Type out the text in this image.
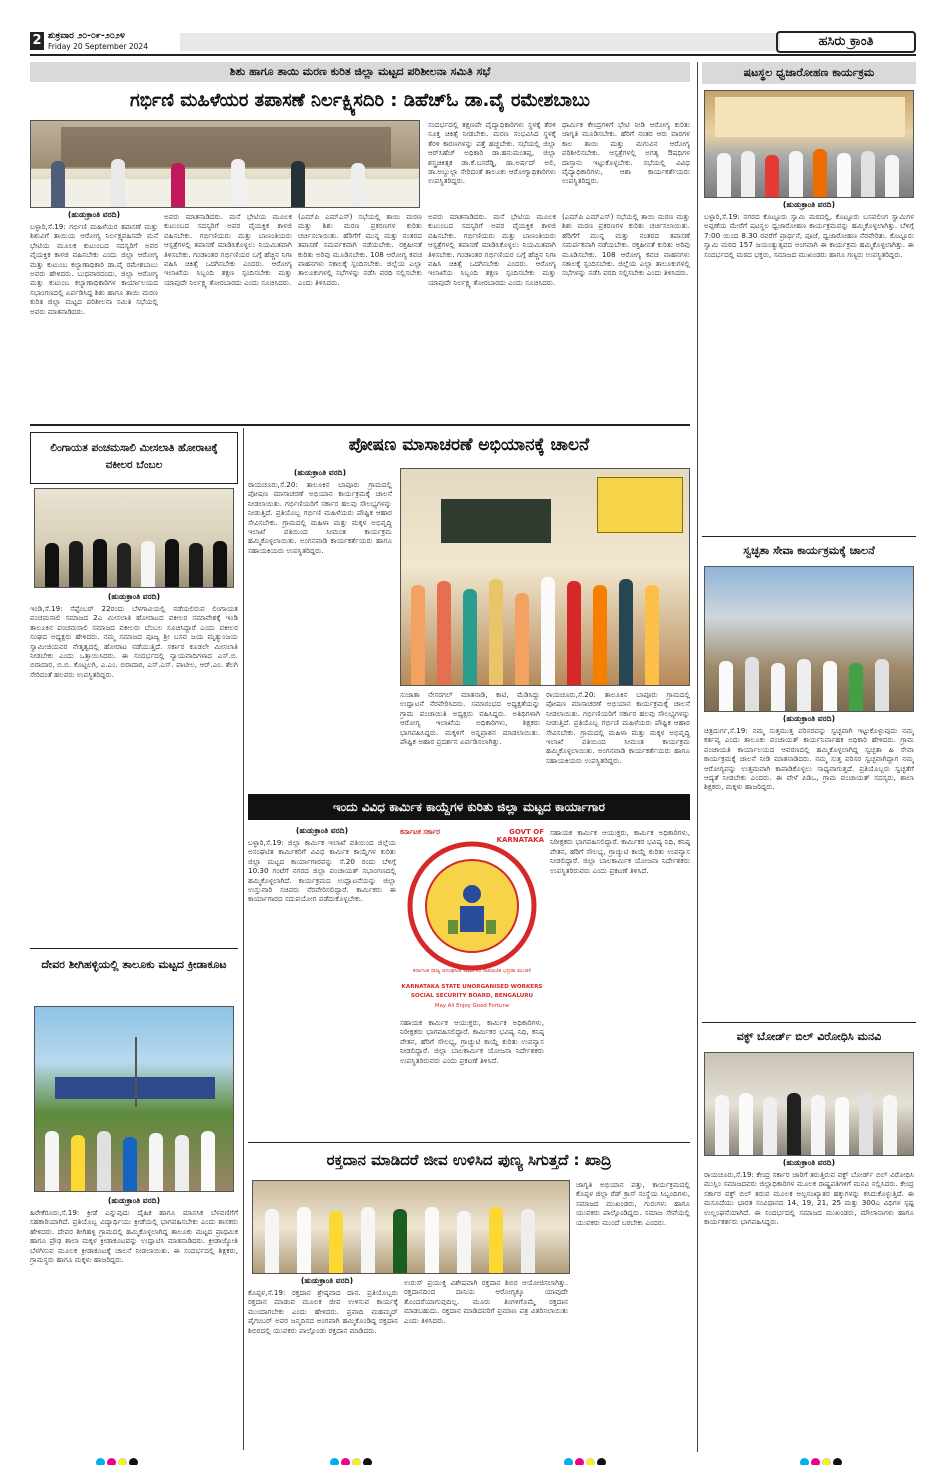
2 ಶುಕ್ರವಾರ ೨೦-೦೯-೨೦೨೪
Friday 20 September 2024	ಹಸಿರು ಕ್ರಾಂತಿ
ಶಿಶು ಹಾಗೂ ತಾಯಿ ಮರಣ ಕುರಿತ ಜಿಲ್ಲಾ ಮಟ್ಟದ ಪರಿಶೀಲನಾ ಸಮಿತಿ ಸಭೆ
ಗರ್ಭಿಣಿ ಮಹಿಳೆಯರ ತಪಾಸಣೆ ನಿರ್ಲಕ್ಷ್ಯಿಸದಿರಿ : ಡಿಹೆಚ್‌ಓ ಡಾ.ವೈ ರಮೇಶಬಾಬು
ಸಂದರ್ಭದಲ್ಲಿ ತಕ್ಷಣವೇ ವೈದ್ಯಾಧಿಕಾರಿಗಳು ಸ್ಥಳಕ್ಕೆ ತೆರಳಿ ಸೂಕ್ತ ಚಿಕಿತ್ಸೆ ನೀಡಬೇಕು. ಮರಣ ಸಂಭವಿಸಿದ ಸ್ಥಳಕ್ಕೆ ತೆರಳಿ ಕಾರಣಗಳನ್ನು ಪತ್ತೆ ಹಚ್ಚಬೇಕು. ಸಭೆಯಲ್ಲಿ ಜಿಲ್ಲಾ ಆರ್‌ಸಿಹೆಚ್ ಅಧಿಕಾರಿ ಡಾ.ಹನುಮಂತಪ್ಪ, ಜಿಲ್ಲಾ ಶಸ್ತ್ರಚಿಕಿತ್ಸಕ ಡಾ.ಕೆ.ಬಸರೆಡ್ಡಿ, ಡಾ.ಅರ್ಷದ್ ಅಲಿ, ಡಾ.ಅಬ್ದುಲ್ಲಾ ಸೇರಿದಂತೆ ತಾಲೂಕು ಆರೋಗ್ಯಾಧಿಕಾರಿಗಳು ಉಪಸ್ಥಿತರಿದ್ದರು.
ಧಾರ್ಮಿಕ ಕೇಂದ್ರಗಳಿಗೆ ಭೇಟಿ ನೀಡಿ ಆರೋಗ್ಯ ಕುರಿತು ಜಾಗೃತಿ ಮೂಡಿಸಬೇಕು. ಹೆರಿಗೆ ನಂತರ ಆರು ವಾರಗಳ ಕಾಲ ತಾಯಿ ಮತ್ತು ಮಗುವಿನ ಆರೋಗ್ಯ ಪರಿಶೀಲಿಸಬೇಕು. ಆಸ್ಪತ್ರೆಗಳಲ್ಲಿ ಅಗತ್ಯ ಔಷಧಿಗಳ ದಾಸ್ತಾನು ಇಟ್ಟುಕೊಳ್ಳಬೇಕು. ಸಭೆಯಲ್ಲಿ ವಿವಿಧ ವೈದ್ಯಾಧಿಕಾರಿಗಳು, ಆಶಾ ಕಾರ್ಯಕರ್ತೆಯರು ಉಪಸ್ಥಿತರಿದ್ದರು.
(ಹುಡುಕ್ರಾಂತಿ ವರದಿ)
ಬಳ್ಳಾರಿ,ಸೆ.19: ಗರ್ಭಿಣಿ ಮಹಿಳೆಯರ ತಪಾಸಣೆ ಮತ್ತು ಶಿಶುವಿಗೆ ತಾಯಿಯ ಆರೋಗ್ಯ ನಿರ್ಲಕ್ಷ್ಯವಹಿಸದೇ ಮನೆ ಭೇಟಿಯ ಮೂಲಕ ಕುಟುಂಬದ ಸದಸ್ಯರಿಗೆ ಅವರ ವೈಯಕ್ತಿಕ ಕಾಳಜಿ ವಹಿಸಬೇಕು ಎಂದು ಜಿಲ್ಲಾ ಆರೋಗ್ಯ ಮತ್ತು ಕುಟುಂಬ ಕಲ್ಯಾಣಾಧಿಕಾರಿ ಡಾ.ವೈ ರಮೇಶಬಾಬು ಅವರು ಹೇಳಿದರು. ಬುಧವಾರದಂದು, ಜಿಲ್ಲಾ ಆರೋಗ್ಯ ಮತ್ತು ಕುಟುಂಬ ಕಲ್ಯಾಣಾಧಿಕಾರಿಗಳ ಕಾರ್ಯಾಲಯದ ಸಭಾಂಗಣದಲ್ಲಿ ಏರ್ಪಡಿಸಿದ್ದ ಶಿಶು ಹಾಗೂ ತಾಯಿ ಮರಣ ಕುರಿತ ಜಿಲ್ಲಾ ಮಟ್ಟದ ಪರಿಶೀಲನಾ ಸಮಿತಿ ಸಭೆಯಲ್ಲಿ ಅವರು ಮಾತನಾಡಿದರು.
ಅವರು ಮಾತನಾಡಿದರು. ಮನೆ ಭೇಟಿಯ ಮೂಲಕ ಕುಟುಂಬದ ಸದಸ್ಯರಿಗೆ ಅವರ ವೈಯಕ್ತಿಕ ಕಾಳಜಿ ವಹಿಸಬೇಕು. ಗರ್ಭಿಣಿಯರು ಮತ್ತು ಬಾಣಂತಿಯರು ಆಸ್ಪತ್ರೆಗಳಲ್ಲಿ ತಪಾಸಣೆ ಮಾಡಿಸಿಕೊಳ್ಳಲು ನಿಯಮಿತವಾಗಿ ತಿಳಿಸಬೇಕು. ಗಂಡಾಂತರ ಗರ್ಭಿಣಿಯರ ಬಗ್ಗೆ ಹೆಚ್ಚಿನ ನಿಗಾ ವಹಿಸಿ ಚಿಕಿತ್ಸೆ ಒದಗಿಸಬೇಕು ಎಂದರು. ಆರೋಗ್ಯ ಇಲಾಖೆಯ ಸಿಬ್ಬಂದಿ ತಕ್ಷಣ ಸ್ಪಂದಿಸಬೇಕು ಮತ್ತು ಯಾವುದೇ ನಿರ್ಲಕ್ಷ್ಯ ತೋರಬಾರದು ಎಂದು ಸೂಚಿಸಿದರು.
(ಎಮ್‌ಪಿ ಎಮ್‌ಎಸ್) ಸಭೆಯಲ್ಲಿ ತಾಯಿ ಮರಣ ಮತ್ತು ಶಿಶು ಮರಣ ಪ್ರಕರಣಗಳ ಕುರಿತು ಚರ್ಚಿಸಲಾಯಿತು. ಹೆರಿಗೆಗೆ ಮುನ್ನ ಮತ್ತು ನಂತರದ ತಪಾಸಣೆ ಸಮರ್ಪಕವಾಗಿ ನಡೆಯಬೇಕು. ರಕ್ತಹೀನತೆ ಕುರಿತು ಅರಿವು ಮೂಡಿಸಬೇಕು. 108 ಆರೋಗ್ಯ ಕವಚ ವಾಹನಗಳು ಸಕಾಲಕ್ಕೆ ಸ್ಪಂದಿಸಬೇಕು. ಜಿಲ್ಲೆಯ ಎಲ್ಲಾ ತಾಲೂಕುಗಳಲ್ಲಿ ಸಭೆಗಳನ್ನು ನಡೆಸಿ ವರದಿ ಸಲ್ಲಿಸಬೇಕು ಎಂದು ತಿಳಿಸಿದರು.
ಅವರು ಮಾತನಾಡಿದರು. ಮನೆ ಭೇಟಿಯ ಮೂಲಕ ಕುಟುಂಬದ ಸದಸ್ಯರಿಗೆ ಅವರ ವೈಯಕ್ತಿಕ ಕಾಳಜಿ ವಹಿಸಬೇಕು. ಗರ್ಭಿಣಿಯರು ಮತ್ತು ಬಾಣಂತಿಯರು ಆಸ್ಪತ್ರೆಗಳಲ್ಲಿ ತಪಾಸಣೆ ಮಾಡಿಸಿಕೊಳ್ಳಲು ನಿಯಮಿತವಾಗಿ ತಿಳಿಸಬೇಕು. ಗಂಡಾಂತರ ಗರ್ಭಿಣಿಯರ ಬಗ್ಗೆ ಹೆಚ್ಚಿನ ನಿಗಾ ವಹಿಸಿ ಚಿಕಿತ್ಸೆ ಒದಗಿಸಬೇಕು ಎಂದರು. ಆರೋಗ್ಯ ಇಲಾಖೆಯ ಸಿಬ್ಬಂದಿ ತಕ್ಷಣ ಸ್ಪಂದಿಸಬೇಕು ಮತ್ತು ಯಾವುದೇ ನಿರ್ಲಕ್ಷ್ಯ ತೋರಬಾರದು ಎಂದು ಸೂಚಿಸಿದರು.
(ಎಮ್‌ಪಿ ಎಮ್‌ಎಸ್) ಸಭೆಯಲ್ಲಿ ತಾಯಿ ಮರಣ ಮತ್ತು ಶಿಶು ಮರಣ ಪ್ರಕರಣಗಳ ಕುರಿತು ಚರ್ಚಿಸಲಾಯಿತು. ಹೆರಿಗೆಗೆ ಮುನ್ನ ಮತ್ತು ನಂತರದ ತಪಾಸಣೆ ಸಮರ್ಪಕವಾಗಿ ನಡೆಯಬೇಕು. ರಕ್ತಹೀನತೆ ಕುರಿತು ಅರಿವು ಮೂಡಿಸಬೇಕು. 108 ಆರೋಗ್ಯ ಕವಚ ವಾಹನಗಳು ಸಕಾಲಕ್ಕೆ ಸ್ಪಂದಿಸಬೇಕು. ಜಿಲ್ಲೆಯ ಎಲ್ಲಾ ತಾಲೂಕುಗಳಲ್ಲಿ ಸಭೆಗಳನ್ನು ನಡೆಸಿ ವರದಿ ಸಲ್ಲಿಸಬೇಕು ಎಂದು ತಿಳಿಸಿದರು.
ಷಟಸ್ಥಲ ಧ್ವಜಾರೋಹಣ ಕಾರ್ಯಕ್ರಮ
(ಹುಡುಕ್ರಾಂತಿ ವರದಿ)
ಬಳ್ಳಾರಿ,ಸೆ.19: ನಗರದ ಕೊಟ್ಟೂರು ಸ್ವಾಮಿ ಮಠದಲ್ಲಿ, ಕೊಟ್ಟೂರು ಬಸವಲಿಂಗ ಸ್ವಾಮಿಗಳ ಅಪ್ಪಣೆಯ ಮೇರೆಗೆ ಷಟಸ್ಥಲ ಧ್ವಜಾರೋಹಣ ಕಾರ್ಯಕ್ರಮವನ್ನು ಹಮ್ಮಿಕೊಳ್ಳಲಾಗಿತ್ತು. ಬೆಳಿಗ್ಗೆ 7:00 ಯಿಂದ 8.30 ರವರೆಗೆ ಪ್ರಾರ್ಥನೆ, ಪೂಜೆ, ಧ್ವಜಾರೋಹಣ ನೆರವೇರಿತು. ಕೊಟ್ಟೂರು ಸ್ವಾಮಿ ಮಠದ 157 ಜಯಂತ್ಯುತ್ಸವದ ಅಂಗವಾಗಿ ಈ ಕಾರ್ಯಕ್ರಮ ಹಮ್ಮಿಕೊಳ್ಳಲಾಗಿತ್ತು. ಈ ಸಂದರ್ಭದಲ್ಲಿ ಮಠದ ಭಕ್ತರು, ಸಮಾಜದ ಮುಖಂಡರು ಹಾಗೂ ಗಣ್ಯರು ಉಪಸ್ಥಿತರಿದ್ದರು.
ಸ್ವಚ್ಛತಾ ಸೇವಾ ಕಾರ್ಯಕ್ರಮಕ್ಕೆ ಚಾಲನೆ
(ಹುಡುಕ್ರಾಂತಿ ವರದಿ)
ಚಿತ್ರದುರ್ಗ,ಸೆ.19: ನಮ್ಮ ಸುತ್ತಮುತ್ತ ಪರಿಸರವನ್ನು ಸ್ವಚ್ಛವಾಗಿ ಇಟ್ಟುಕೊಳ್ಳುವುದು ನಮ್ಮ ಕರ್ತವ್ಯ ಎಂದು ತಾಲೂಕು ಪಂಚಾಯತ್ ಕಾರ್ಯನಿರ್ವಾಹಕ ಅಧಿಕಾರಿ ಹೇಳಿದರು. ಗ್ರಾಮ ಪಂಚಾಯತಿ ಕಾರ್ಯಾಲಯದ ಆವರಣದಲ್ಲಿ ಹಮ್ಮಿಕೊಳ್ಳಲಾಗಿದ್ದ ಸ್ವಚ್ಛತಾ ಹಿ ಸೇವಾ ಕಾರ್ಯಕ್ರಮಕ್ಕೆ ಚಾಲನೆ ನೀಡಿ ಮಾತನಾಡಿದರು. ನಮ್ಮ ಸುತ್ತ ಪರಿಸರ ಸ್ವಚ್ಛವಾಗಿದ್ದಾಗ ನಮ್ಮ ಆರೋಗ್ಯವನ್ನು ಉತ್ತಮವಾಗಿ ಕಾಪಾಡಿಕೊಳ್ಳಲು ಸಾಧ್ಯವಾಗುತ್ತದೆ. ಪ್ರತಿಯೊಬ್ಬರು ಸ್ವಚ್ಛತೆಗೆ ಆದ್ಯತೆ ನೀಡಬೇಕು ಎಂದರು. ಈ ವೇಳೆ ಪಿಡಿಒ, ಗ್ರಾಮ ಪಂಚಾಯತ್ ಸದಸ್ಯರು, ಶಾಲಾ ಶಿಕ್ಷಕರು, ಮಕ್ಕಳು ಹಾಜರಿದ್ದರು.
ವಕ್ಫ್ ಬೋರ್ಡ್ ಬಿಲ್ ವಿರೋಧಿಸಿ ಮನವಿ
(ಹುಡುಕ್ರಾಂತಿ ವರದಿ)
ರಾಯಚೂರು,ಸೆ.19: ಕೇಂದ್ರ ಸರ್ಕಾರ ಜಾರಿಗೆ ತರುತ್ತಿರುವ ವಕ್ಫ್ ಬೋರ್ಡ್ ಬಿಲ್ ವಿರೋಧಿಸಿ ಮುಸ್ಲಿಂ ಸಮಾಜದವರು ಜಿಲ್ಲಾಧಿಕಾರಿಗಳ ಮೂಲಕ ರಾಷ್ಟ್ರಪತಿಗಳಿಗೆ ಮನವಿ ಸಲ್ಲಿಸಿದರು. ಕೇಂದ್ರ ಸರ್ಕಾರ ವಕ್ಫ್ ಬಿಲ್ ತರುವ ಮೂಲಕ ಅಲ್ಪಸಂಖ್ಯಾತರ ಹಕ್ಕುಗಳನ್ನು ಕಸಿದುಕೊಳ್ಳುತ್ತಿದೆ. ಈ ಮಸೂದೆಯು ಭಾರತ ಸಂವಿಧಾನದ 14, 19, 21, 25 ಮತ್ತು 300ಎ ವಿಧಿಗಳ ಸ್ಪಷ್ಟ ಉಲ್ಲಂಘನೆಯಾಗಿದೆ. ಈ ಸಂದರ್ಭದಲ್ಲಿ ಸಮಾಜದ ಮುಖಂಡರು, ಮೌಲಾನಾಗಳು ಹಾಗೂ ಕಾರ್ಯಕರ್ತರು ಭಾಗವಹಿಸಿದ್ದರು.
ಲಿಂಗಾಯತ ಪಂಚಮಸಾಲಿ ಮೀಸಲಾತಿ ಹೋರಾಟಕ್ಕೆ ವಕೀಲರ ಬೆಂಬಲ
(ಹುಡುಕ್ರಾಂತಿ ವರದಿ)
ಇಂಡಿ,ಸೆ.19: ಸೆಪ್ಟೆಂಬರ್ 22ರಂದು ಬೆಳಗಾವಿಯಲ್ಲಿ ನಡೆಯಲಿರುವ ಲಿಂಗಾಯತ ಪಂಚಮಸಾಲಿ ಸಮಾಜದ 2ಎ ಮೀಸಲಾತಿ ಹೋರಾಟದ ವಕೀಲರ ಸಮಾವೇಶಕ್ಕೆ ಇಂಡಿ ತಾಲೂಕಿನ ಪಂಚಮಸಾಲಿ ಸಮಾಜದ ವಕೀಲರು ಬೆಂಬಲ ಸೂಚಿಸಿದ್ದಾರೆ ಎಂದು ವಕೀಲರ ಸಂಘದ ಅಧ್ಯಕ್ಷರು ಹೇಳಿದರು. ನಮ್ಮ ಸಮಾಜದ ಪೂಜ್ಯ ಶ್ರೀ ಬಸವ ಜಯ ಮೃತ್ಯುಂಜಯ ಸ್ವಾಮೀಜಿಯವರ ನೇತೃತ್ವದಲ್ಲಿ ಹೋರಾಟ ನಡೆಯುತ್ತಿದೆ. ಸರ್ಕಾರ ಕೂಡಲೇ ಮೀಸಲಾತಿ ನೀಡಬೇಕು ಎಂದು ಒತ್ತಾಯಿಸಿದರು. ಈ ಸಂದರ್ಭದಲ್ಲಿ ನ್ಯಾಯವಾದಿಗಳಾದ ಎಸ್.ಬಿ. ಬಿರಾದಾರ, ಬಿ.ಬಿ. ಕೊಟ್ಟಲಗಿ, ಎ.ಎಂ. ಬಿರಾದಾರ, ಎಸ್.ಎಸ್. ಪಾಟೀಲ, ಆರ್.ಎಂ. ತೆಲಗಿ ಸೇರಿದಂತೆ ಹಲವರು ಉಪಸ್ಥಿತರಿದ್ದರು.
ದೇವರ ಶೀಗಿಹಳ್ಳಿಯಲ್ಲಿ ತಾಲೂಕು ಮಟ್ಟದ ಕ್ರೀಡಾಕೂಟ
(ಹುಡುಕ್ರಾಂತಿ ವರದಿ)
ಹಿರೇಕೆರೂರು,ಸೆ.19: ಕ್ರೀಡೆ ಎನ್ನುವುದು ದೈಹಿಕ ಹಾಗೂ ಮಾನಸಿಕ ಬೆಳವಣಿಗೆಗೆ ಸಹಕಾರಿಯಾಗಿದೆ. ಪ್ರತಿಯೊಬ್ಬ ವಿದ್ಯಾರ್ಥಿಯು ಕ್ರೀಡೆಯಲ್ಲಿ ಭಾಗವಹಿಸಬೇಕು ಎಂದು ಶಾಸಕರು ಹೇಳಿದರು. ದೇವರ ಶೀಗಿಹಳ್ಳಿ ಗ್ರಾಮದಲ್ಲಿ ಹಮ್ಮಿಕೊಳ್ಳಲಾಗಿದ್ದ ತಾಲೂಕು ಮಟ್ಟದ ಪ್ರಾಥಮಿಕ ಹಾಗೂ ಪ್ರೌಢ ಶಾಲಾ ಮಕ್ಕಳ ಕ್ರೀಡಾಕೂಟವನ್ನು ಉದ್ಘಾಟಿಸಿ ಮಾತನಾಡಿದರು. ಕ್ರೀಡಾಜ್ಯೋತಿ ಬೆಳಗಿಸುವ ಮೂಲಕ ಕ್ರೀಡಾಕೂಟಕ್ಕೆ ಚಾಲನೆ ನೀಡಲಾಯಿತು. ಈ ಸಂದರ್ಭದಲ್ಲಿ ಶಿಕ್ಷಕರು, ಗ್ರಾಮಸ್ಥರು ಹಾಗೂ ಮಕ್ಕಳು ಹಾಜರಿದ್ದರು.
ಪೋಷಣ ಮಾಸಾಚರಣೆ ಅಭಿಯಾನಕ್ಕೆ ಚಾಲನೆ
(ಹುಡುಕ್ರಾಂತಿ ವರದಿ)
ರಾಯಚೂರು,ಸೆ.20: ತಾಲೂಕಿನ ಬಾಪೂರು ಗ್ರಾಮದಲ್ಲಿ ಪೋಷಣ ಮಾಸಾಚರಣೆ ಅಭಿಯಾನ ಕಾರ್ಯಕ್ರಮಕ್ಕೆ ಚಾಲನೆ ನೀಡಲಾಯಿತು. ಗರ್ಭಿಣಿಯರಿಗೆ ಸರ್ಕಾರ ಹಲವು ಸೌಲಭ್ಯಗಳನ್ನು ನೀಡುತ್ತಿದೆ. ಪ್ರತಿಯೊಬ್ಬ ಗರ್ಭಿಣಿ ಮಹಿಳೆಯರು ಪೌಷ್ಟಿಕ ಆಹಾರ ಸೇವಿಸಬೇಕು. ಗ್ರಾಮದಲ್ಲಿ ಮಹಿಳಾ ಮತ್ತು ಮಕ್ಕಳ ಅಭಿವೃದ್ಧಿ ಇಲಾಖೆ ವತಿಯಿಂದ ಸೀಮಂತ ಕಾರ್ಯಕ್ರಮ ಹಮ್ಮಿಕೊಳ್ಳಲಾಯಿತು. ಅಂಗನವಾಡಿ ಕಾರ್ಯಕರ್ತೆಯರು ಹಾಗೂ ಸಹಾಯಕಿಯರು ಉಪಸ್ಥಿತರಿದ್ದರು.
ಸುಜಾತಾ ನೇಸರಗಲ್ ಮಾತನಾಡಿ, ಕಾಟಿ, ಮೆಡಿಸಿದ್ದು ಉದ್ಘಾಟನೆ ನೆರವೇರಿಸಿದರು. ಸಮಾರಂಭದ ಅಧ್ಯಕ್ಷತೆಯನ್ನು ಗ್ರಾಮ ಪಂಚಾಯಿತಿ ಅಧ್ಯಕ್ಷರು ವಹಿಸಿದ್ದರು. ಅತಿಥಿಗಳಾಗಿ ಆರೋಗ್ಯ ಇಲಾಖೆಯ ಅಧಿಕಾರಿಗಳು, ಶಿಕ್ಷಕರು ಭಾಗವಹಿಸಿದ್ದರು. ಮಕ್ಕಳಿಗೆ ಅನ್ನಪ್ರಾಶನ ಮಾಡಲಾಯಿತು. ಪೌಷ್ಟಿಕ ಆಹಾರ ಪ್ರದರ್ಶನ ಏರ್ಪಡಿಸಲಾಗಿತ್ತು.
ರಾಯಚೂರು,ಸೆ.20: ತಾಲೂಕಿನ ಬಾಪೂರು ಗ್ರಾಮದಲ್ಲಿ ಪೋಷಣ ಮಾಸಾಚರಣೆ ಅಭಿಯಾನ ಕಾರ್ಯಕ್ರಮಕ್ಕೆ ಚಾಲನೆ ನೀಡಲಾಯಿತು. ಗರ್ಭಿಣಿಯರಿಗೆ ಸರ್ಕಾರ ಹಲವು ಸೌಲಭ್ಯಗಳನ್ನು ನೀಡುತ್ತಿದೆ. ಪ್ರತಿಯೊಬ್ಬ ಗರ್ಭಿಣಿ ಮಹಿಳೆಯರು ಪೌಷ್ಟಿಕ ಆಹಾರ ಸೇವಿಸಬೇಕು. ಗ್ರಾಮದಲ್ಲಿ ಮಹಿಳಾ ಮತ್ತು ಮಕ್ಕಳ ಅಭಿವೃದ್ಧಿ ಇಲಾಖೆ ವತಿಯಿಂದ ಸೀಮಂತ ಕಾರ್ಯಕ್ರಮ ಹಮ್ಮಿಕೊಳ್ಳಲಾಯಿತು. ಅಂಗನವಾಡಿ ಕಾರ್ಯಕರ್ತೆಯರು ಹಾಗೂ ಸಹಾಯಕಿಯರು ಉಪಸ್ಥಿತರಿದ್ದರು.
ಇಂದು ವಿವಿಧ ಕಾರ್ಮಿಕ ಕಾಯ್ದೆಗಳ ಕುರಿತು ಜಿಲ್ಲಾ ಮಟ್ಟದ ಕಾರ್ಯಾಗಾರ
(ಹುಡುಕ್ರಾಂತಿ ವರದಿ)
ಬಳ್ಳಾರಿ,ಸೆ.19: ಜಿಲ್ಲಾ ಕಾರ್ಮಿಕ ಇಲಾಖೆ ವತಿಯಿಂದ ಜಿಲ್ಲೆಯ ಅಸಂಘಟಿತ ಕಾರ್ಮಿಕರಿಗೆ ವಿವಿಧ ಕಾರ್ಮಿಕ ಕಾಯ್ದೆಗಳ ಕುರಿತು ಜಿಲ್ಲಾ ಮಟ್ಟದ ಕಾರ್ಯಾಗಾರವನ್ನು ಸೆ.20 ರಂದು ಬೆಳಿಗ್ಗೆ 10.30 ಗಂಟೆಗೆ ನಗರದ ಜಿಲ್ಲಾ ಪಂಚಾಯತ್ ಸಭಾಂಗಣದಲ್ಲಿ ಹಮ್ಮಿಕೊಳ್ಳಲಾಗಿದೆ. ಕಾರ್ಯಕ್ರಮದ ಉದ್ಘಾಟನೆಯನ್ನು ಜಿಲ್ಲಾ ಉಸ್ತುವಾರಿ ಸಚಿವರು ನೆರವೇರಿಸಲಿದ್ದಾರೆ. ಕಾರ್ಮಿಕರು ಈ ಕಾರ್ಯಾಗಾರದ ಸದುಪಯೋಗ ಪಡೆದುಕೊಳ್ಳಬೇಕು.
ಕರ್ನಾಟಕ ಸರ್ಕಾರ	GOVT OF KARNATAKA
ಕರ್ನಾಟಕ ರಾಜ್ಯ ಅಸಂಘಟಿತ ಕಾರ್ಮಿಕರ ಸಾಮಾಜಿಕ ಭದ್ರತಾ ಮಂಡಳಿ
KARNATAKA STATE UNORGANISED WORKERS
SOCIAL SECURITY BOARD, BENGALURU
May All Enjoy Good Fortune
ಸಹಾಯಕ ಕಾರ್ಮಿಕ ಆಯುಕ್ತರು, ಕಾರ್ಮಿಕ ಅಧಿಕಾರಿಗಳು, ನಿರೀಕ್ಷಕರು ಭಾಗವಹಿಸಲಿದ್ದಾರೆ. ಕಾರ್ಮಿಕರ ಭವಿಷ್ಯ ನಿಧಿ, ಕನಿಷ್ಠ ವೇತನ, ಹೆರಿಗೆ ಸೌಲಭ್ಯ, ಗ್ರಾಚ್ಯುಟಿ ಕಾಯ್ದೆ ಕುರಿತು ಉಪನ್ಯಾಸ ನೀಡಲಿದ್ದಾರೆ. ಜಿಲ್ಲಾ ಬಾಲಕಾರ್ಮಿಕ ಯೋಜನಾ ನಿರ್ದೇಶಕರು ಉಪಸ್ಥಿತರಿರುವರು ಎಂದು ಪ್ರಕಟಣೆ ತಿಳಿಸಿದೆ.
ಸಹಾಯಕ ಕಾರ್ಮಿಕ ಆಯುಕ್ತರು, ಕಾರ್ಮಿಕ ಅಧಿಕಾರಿಗಳು, ನಿರೀಕ್ಷಕರು ಭಾಗವಹಿಸಲಿದ್ದಾರೆ. ಕಾರ್ಮಿಕರ ಭವಿಷ್ಯ ನಿಧಿ, ಕನಿಷ್ಠ ವೇತನ, ಹೆರಿಗೆ ಸೌಲಭ್ಯ, ಗ್ರಾಚ್ಯುಟಿ ಕಾಯ್ದೆ ಕುರಿತು ಉಪನ್ಯಾಸ ನೀಡಲಿದ್ದಾರೆ. ಜಿಲ್ಲಾ ಬಾಲಕಾರ್ಮಿಕ ಯೋಜನಾ ನಿರ್ದೇಶಕರು ಉಪಸ್ಥಿತರಿರುವರು ಎಂದು ಪ್ರಕಟಣೆ ತಿಳಿಸಿದೆ.
ರಕ್ತದಾನ ಮಾಡಿದರೆ ಜೀವ ಉಳಿಸಿದ ಪುಣ್ಯ ಸಿಗುತ್ತದೆ : ಖಾದ್ರಿ
(ಹುಡುಕ್ರಾಂತಿ ವರದಿ)
ಕೊಪ್ಪಳ,ಸೆ.19: ರಕ್ತದಾನ ಶ್ರೇಷ್ಠವಾದ ದಾನ. ಪ್ರತಿಯೊಬ್ಬರು ರಕ್ತದಾನ ಮಾಡುವ ಮೂಲಕ ಜೀವ ಉಳಿಸುವ ಕಾರ್ಯಕ್ಕೆ ಮುಂದಾಗಬೇಕು ಎಂದು ಹೇಳಿದರು. ಪ್ರವಾದಿ ಮಹಮ್ಮದ್ ಪೈಗಂಬರ್ ಅವರ ಜನ್ಮದಿನದ ಅಂಗವಾಗಿ ಹಮ್ಮಿಕೊಂಡಿದ್ದ ರಕ್ತದಾನ ಶಿಬಿರದಲ್ಲಿ ಯುವಕರು ಪಾಲ್ಗೊಂಡು ರಕ್ತದಾನ ಮಾಡಿದರು.
ಉರುಸ್ ಪ್ರಯುಕ್ತ ವಿಶೇಷವಾಗಿ ರಕ್ತದಾನ ಶಿಬಿರ ಆಯೋಜಿಸಲಾಗಿತ್ತು. ರಕ್ತದಾನದಿಂದ ದಾನಿಯ ಆರೋಗ್ಯಕ್ಕೂ ಯಾವುದೇ ತೊಂದರೆಯಾಗುವುದಿಲ್ಲ. ಮೂರು ತಿಂಗಳಿಗೊಮ್ಮೆ ರಕ್ತದಾನ ಮಾಡಬಹುದು. ರಕ್ತದಾನ ಮಾಡಿದವರಿಗೆ ಪ್ರಮಾಣ ಪತ್ರ ವಿತರಿಸಲಾಯಿತು ಎಂದು ತಿಳಿಸಿದರು.
ಜಾಗೃತಿ ಅಭಿಯಾನ ಪತ್ತು, ಕಾರ್ಯಕ್ರಮದಲ್ಲಿ ಕೊಪ್ಪಳ ಜಿಲ್ಲಾ ರೆಡ್ ಕ್ರಾಸ್ ಸಂಸ್ಥೆಯ ಸಿಬ್ಬಂದಿಗಳು, ಸಮಾಜದ ಮುಖಂಡರು, ಗುರುಗಳು ಹಾಗೂ ಯುವಕರು ಪಾಲ್ಗೊಂಡಿದ್ದರು. ಸಮಾಜ ಸೇವೆಯಲ್ಲಿ ಯುವಕರು ಮುಂದೆ ಬರಬೇಕು ಎಂದರು.
